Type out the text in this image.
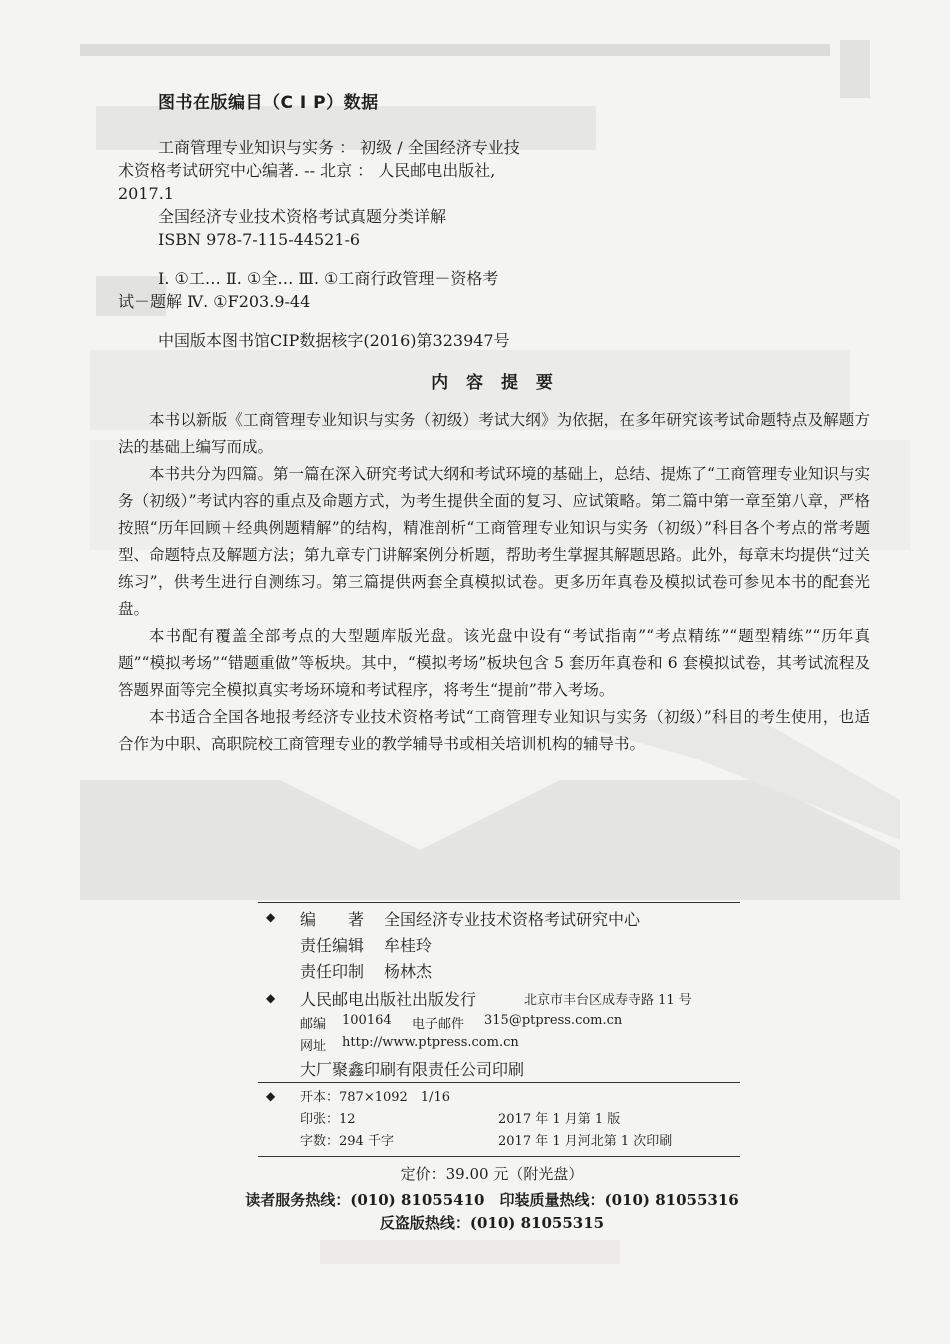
图书在版编目（C I P）数据
工商管理专业知识与实务 ： 初级 / 全国经济专业技
术资格考试研究中心编著. -- 北京 ： 人民邮电出版社,
2017.1
全国经济专业技术资格考试真题分类详解
ISBN 978-7-115-44521-6
Ⅰ. ①工… Ⅱ. ①全… Ⅲ. ①工商行政管理－资格考
试－题解 Ⅳ. ①F203.9-44
中国版本图书馆CIP数据核字(2016)第323947号
内 容 提 要

本书以新版《工商管理专业知识与实务（初级）考试大纲》为依据，在多年研究该考试命题特点及解题方法的基础上编写而成。

本书共分为四篇。第一篇在深入研究考试大纲和考试环境的基础上，总结、提炼了“工商管理专业知识与实务（初级）”考试内容的重点及命题方式，为考生提供全面的复习、应试策略。第二篇中第一章至第八章，严格按照“历年回顾＋经典例题精解”的结构，精准剖析“工商管理专业知识与实务（初级）”科目各个考点的常考题型、命题特点及解题方法；第九章专门讲解案例分析题，帮助考生掌握其解题思路。此外，每章末均提供“过关练习”，供考生进行自测练习。第三篇提供两套全真模拟试卷。更多历年真卷及模拟试卷可参见本书的配套光盘。

本书配有覆盖全部考点的大型题库版光盘。该光盘中设有“考试指南”“考点精练”“题型精练”“历年真题”“模拟考场”“错题重做”等板块。其中，“模拟考场”板块包含 5 套历年真卷和 6 套模拟试卷，其考试流程及答题界面等完全模拟真实考场环境和考试程序，将考生“提前”带入考场。

本书适合全国各地报考经济专业技术资格考试“工商管理专业知识与实务（初级）”科目的考生使用，也适合作为中职、高职院校工商管理专业的教学辅导书或相关培训机构的辅导书。

◆ 编　　著 全国经济专业技术资格考试研究中心
责任编辑 牟桂玲
责任印制 杨林杰
◆ 人民邮电出版社出版发行	北京市丰台区成寿寺路 11 号
邮编 100164 电子邮件 315@ptpress.com.cn
网址 http://www.ptpress.com.cn
大厂聚鑫印刷有限责任公司印刷
◆ 开本：787×1092　1/16
印张：12	2017 年 1 月第 1 版
字数：294 千字	2017 年 1 月河北第 1 次印刷
定价：39.00 元（附光盘）
读者服务热线：(010) 81055410　印装质量热线：(010) 81055316
反盗版热线：(010) 81055315
